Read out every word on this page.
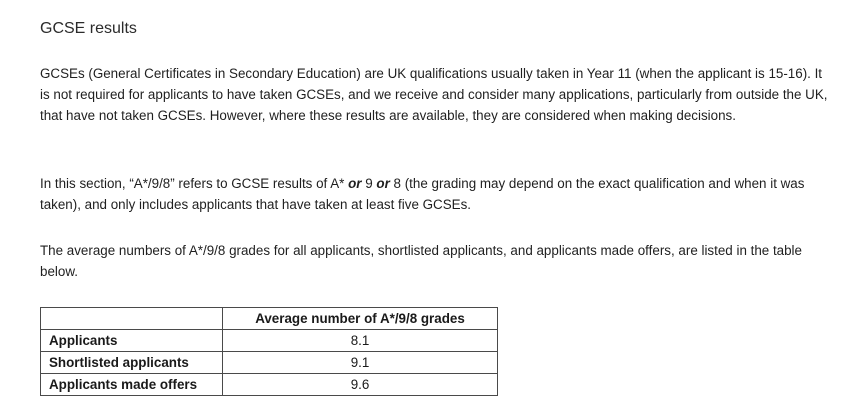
GCSE results

GCSEs (General Certificates in Secondary Education) are UK qualifications usually taken in Year 11 (when the applicant is 15-16). It is not required for applicants to have taken GCSEs, and we receive and consider many applications, particularly from outside the UK, that have not taken GCSEs. However, where these results are available, they are considered when making decisions.

In this section, “A*/9/8” refers to GCSE results of A* or 9 or 8 (the grading may depend on the exact qualification and when it was taken), and only includes applicants that have taken at least five GCSEs.

The average numbers of A*/9/8 grades for all applicants, shortlisted applicants, and applicants made offers, are listed in the table below.

	Average number of A*/9/8 grades
Applicants	8.1
Shortlisted applicants	9.1
Applicants made offers	9.6
